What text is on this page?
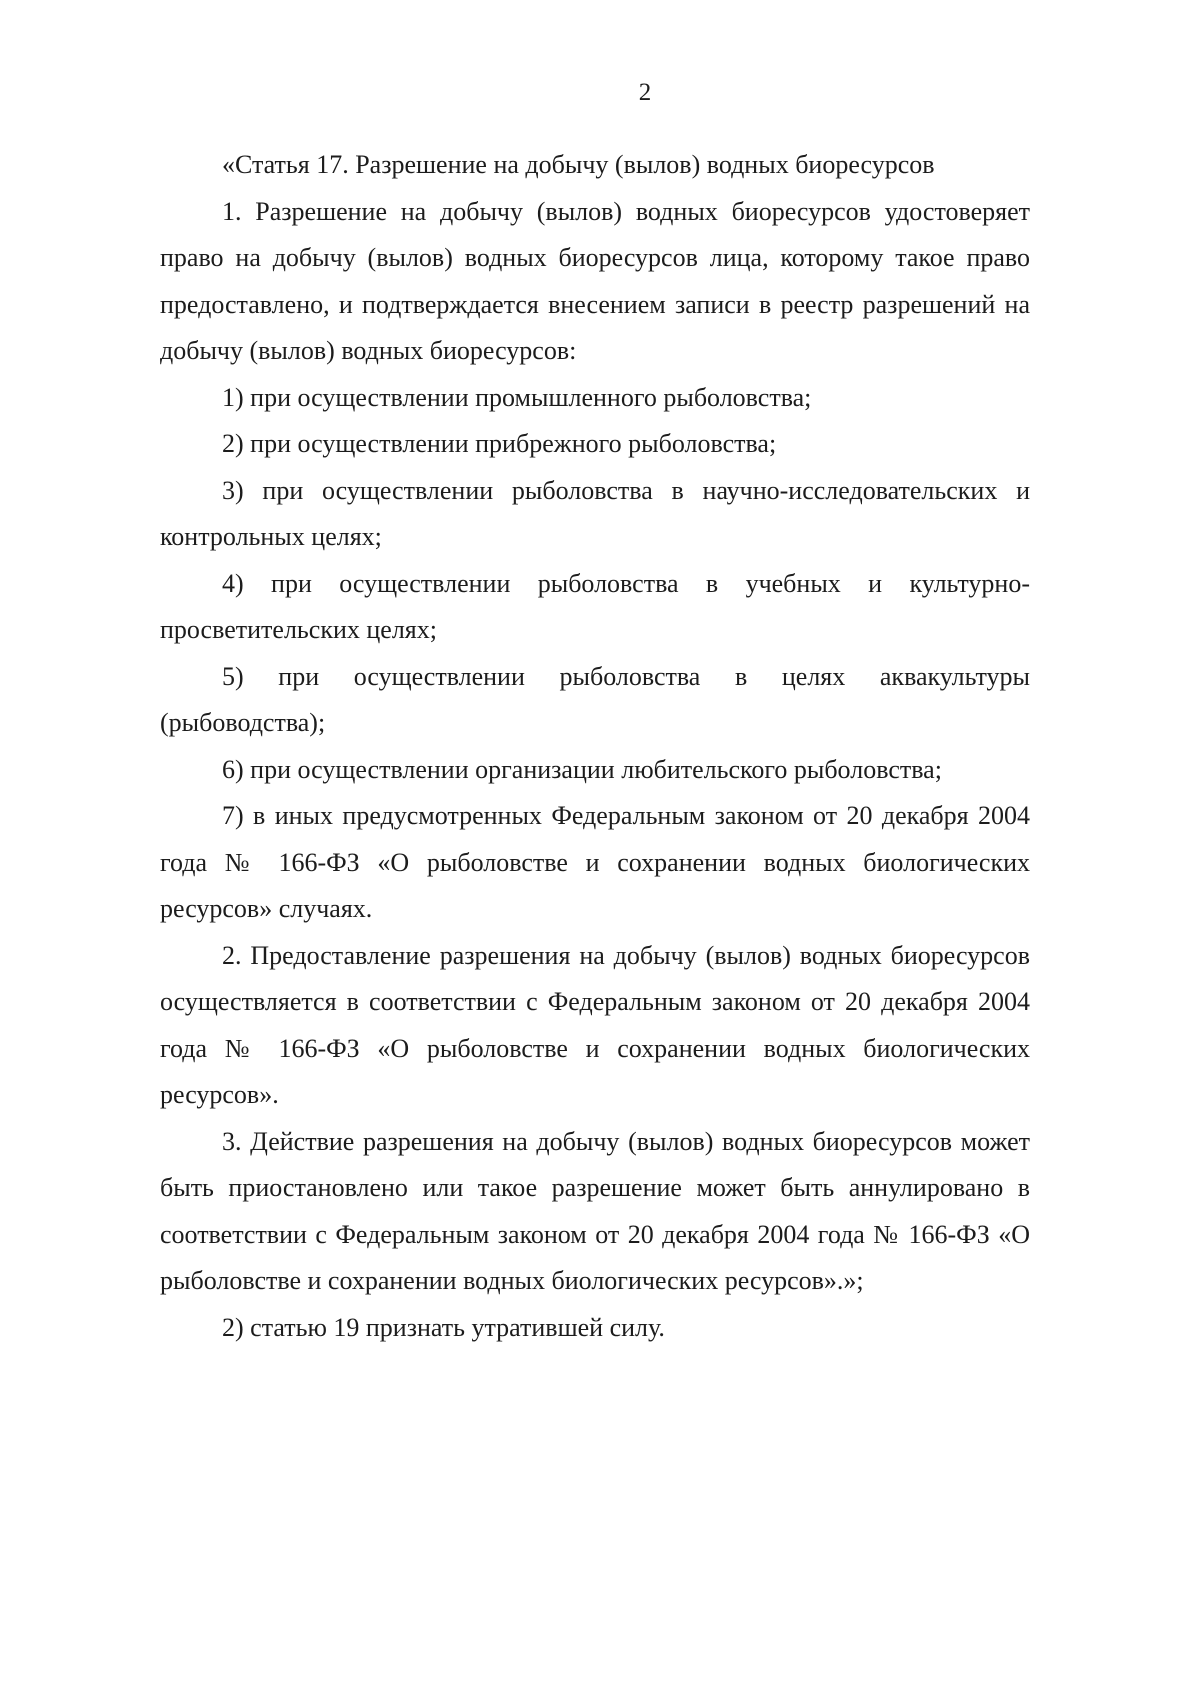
2

«Статья 17. Разрешение на добычу (вылов) водных биоресурсов

1. Разрешение на добычу (вылов) водных биоресурсов удостоверяет право на добычу (вылов) водных биоресурсов лица, которому такое право предоставлено, и подтверждается внесением записи в реестр разрешений на добычу (вылов) водных биоресурсов:

1) при осуществлении промышленного рыболовства;

2) при осуществлении прибрежного рыболовства;

3) при осуществлении рыболовства в научно-исследовательских и контрольных целях;

4) при осуществлении рыболовства в учебных и культурно-просветительских целях;

5) при осуществлении рыболовства в целях аквакультуры (рыбоводства);

6) при осуществлении организации любительского рыболовства;

7) в иных предусмотренных Федеральным законом от 20 декабря 2004 года № 166-ФЗ «О рыболовстве и сохранении водных биологических ресурсов» случаях.

2. Предоставление разрешения на добычу (вылов) водных биоресурсов осуществляется в соответствии с Федеральным законом от 20 декабря 2004 года № 166-ФЗ «О рыболовстве и сохранении водных биологических ресурсов».

3. Действие разрешения на добычу (вылов) водных биоресурсов может быть приостановлено или такое разрешение может быть аннулировано в соответствии с Федеральным законом от 20 декабря 2004 года № 166-ФЗ «О рыболовстве и сохранении водных биологических ресурсов».»;

2) статью 19 признать утратившей силу.
